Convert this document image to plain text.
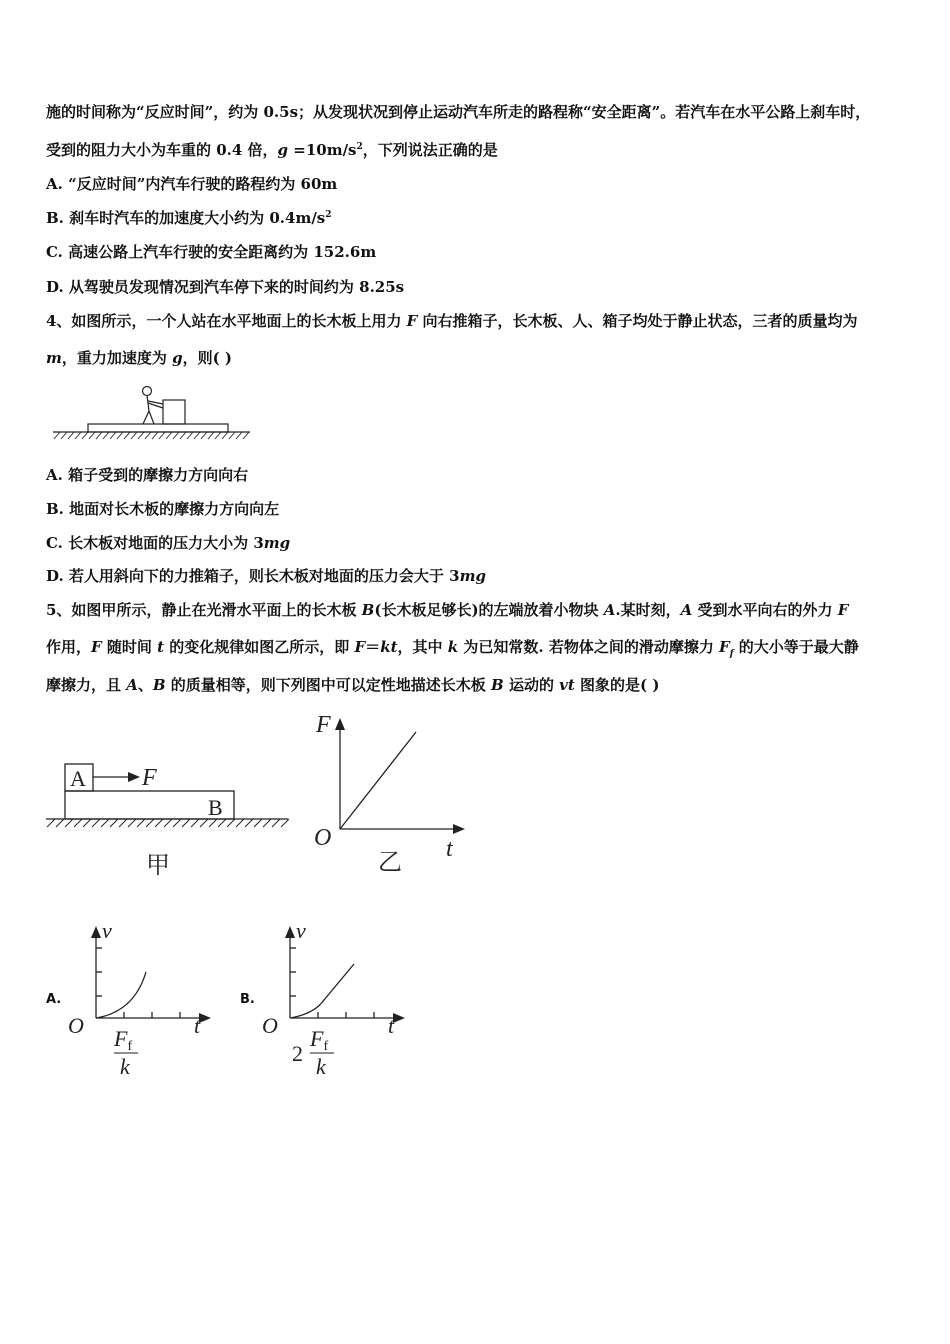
施的时间称为“反应时间”，约为 0.5s；从发现状况到停止运动汽车所走的路程称“安全距离”。若汽车在水平公路上刹车时，
受到的阻力大小为车重的 0.4 倍，$g =10m/s^2$，下列说法正确的是
A. “反应时间”内汽车行驶的路程约为 60m
B. 刹车时汽车的加速度大小约为 $0.4m/s^2$
C. 高速公路上汽车行驶的安全距离约为 152.6m
D. 从驾驶员发现情况到汽车停下来的时间约为 8.25s
4、如图所示，一个人站在水平地面上的长木板上用力 F 向右推箱子，长木板、人、箱子均处于静止状态，三者的质量均为
m，重力加速度为 g，则( )
A. 箱子受到的摩擦力方向向右
B. 地面对长木板的摩擦力方向向左
C. 长木板对地面的压力大小为 3mg
D. 若人用斜向下的力推箱子，则长木板对地面的压力会大于 3mg
5、如图甲所示，静止在光滑水平面上的长木板 B(长木板足够长)的左端放着小物块 A.某时刻，A 受到水平向右的外力 F
作用，F 随时间 t 的变化规律如图乙所示，即 F＝kt，其中 k 为已知常数. 若物体之间的滑动摩擦力 $F_f$ 的大小等于最大静
摩擦力，且 A、B 的质量相等，则下列图中可以定性地描述长木板 B 运动的 vt 图象的是( )
A
B
F
甲
F
O	t
乙
A.
v
O	t
Ff
k
B.
v
O	t
2
Ff
k
